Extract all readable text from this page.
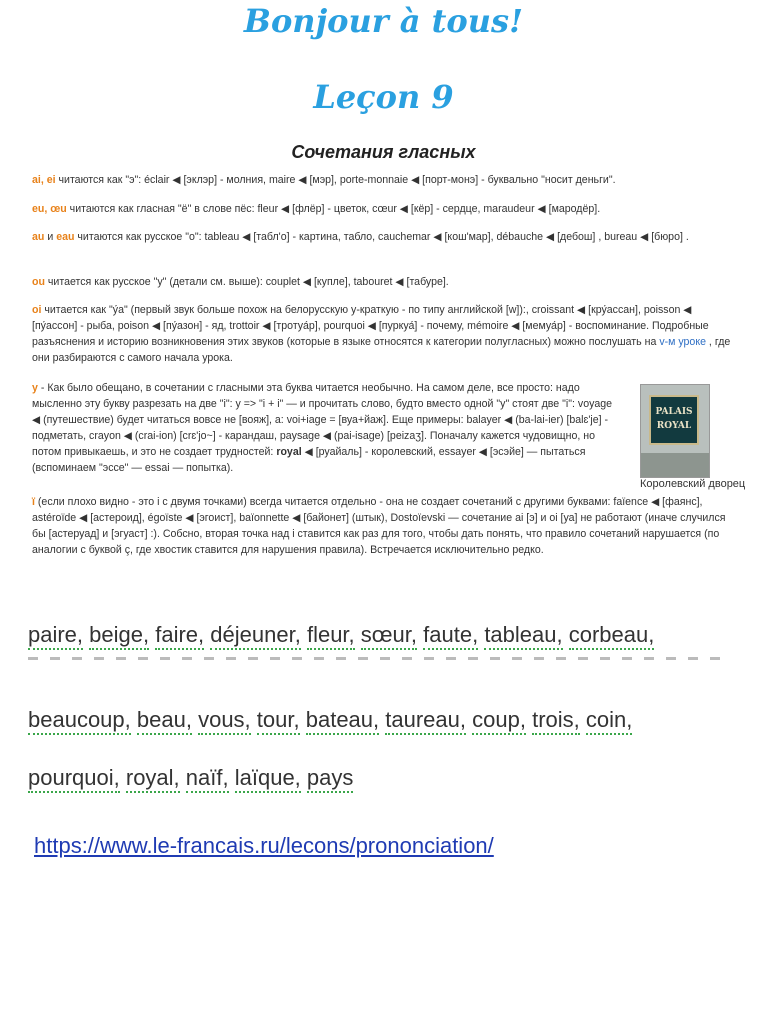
Bonjour à tous!
Leçon 9
Сочетания гласных
ai, ei читаются как "э": éclair ◀ [эклэр] - молния, maire ◀ [мэр], porte-monnaie ◀ [порт-монэ] - буквально "носит деньги".
eu, œu читаются как гласная "ё" в слове пёс: fleur ◀ [флёр] - цветок, cœur ◀ [кёр] - сердце, maraudeur ◀ [мародёр].
au и eau читаются как русское "о": tableau ◀ [табл'о] - картина, табло, cauchemar ◀ [кош'мар], débauche ◀ [дебош] , bureau ◀ [бюро] .
ou читается как русское "у" (детали см. выше): couplet ◀ [купле], tabouret ◀ [табуре].
oi читается как "у́а" (первый звук больше похож на белорусскую у-краткую - по типу английской [w]):, croissant ◀ [кру́ассан], poisson ◀ [пу́ассон] - рыба, poison ◀ [пу́азон] - яд, trottoir ◀ [тротуа́р], pourquoi ◀ [пуркуа́] - почему, mémoire ◀ [мемуа́р] - воспоминание. Подробные разъяснения и историю возникновения этих звуков (которые в языке относятся к категории полугласных) можно послушать на v-м уроке , где они разбираются с самого начала урока.
y - Как было обещано, в сочетании с гласными эта буква читается необычно. На самом деле, все просто: надо мысленно эту букву разрезать на две "i": y => "i + i" — и прочитать слово, будто вместо одной "у" стоят две "i": voyage ◀ (путешествие) будет читаться вовсе не [вояж], а: voi+iage = [вуа+йаж]. Еще примеры: balayer ◀ (ba-lai-ier) [balɛ'je] - подметать, crayon ◀ (crai-ion) [crɛ'jo~] - карандаш, paysage ◀ (pai-isage) [peizaʒ]. Поначалу кажется чудовищно, но потом привыкаешь, и это не создает трудностей: royal ◀ [руайаль] - королевский, essayer ◀ [эсэйе] — пытаться (вспоминаем "эссе" — essai — попытка).
PALAIS
ROYAL
Королевский дворец
ï (если плохо видно - это i с двумя точками) всегда читается отдельно - она не создает сочетаний с другими буквами: faïence ◀ [фаянс], astéroïde ◀ [астероид], égoïste ◀ [эгоист], baïonnette ◀ [байонет] (штык), Dostoïevski — сочетание ai [э] и oi [уа] не работают (иначе случился бы [астеруад] и [эгуаст] :). Собсно, вторая точка над i ставится как раз для того, чтобы дать понять, что правило сочетаний нарушается (по аналогии с буквой ç, где хвостик ставится для нарушения правила). Встречается исключительно редко.
paire, beige, faire, déjeuner, fleur, sœur, faute, tableau, corbeau,
beaucoup, beau, vous, tour, bateau, taureau, coup, trois, coin,
pourquoi, royal, naïf, laïque, pays
https://www.le-francais.ru/lecons/prononciation/
